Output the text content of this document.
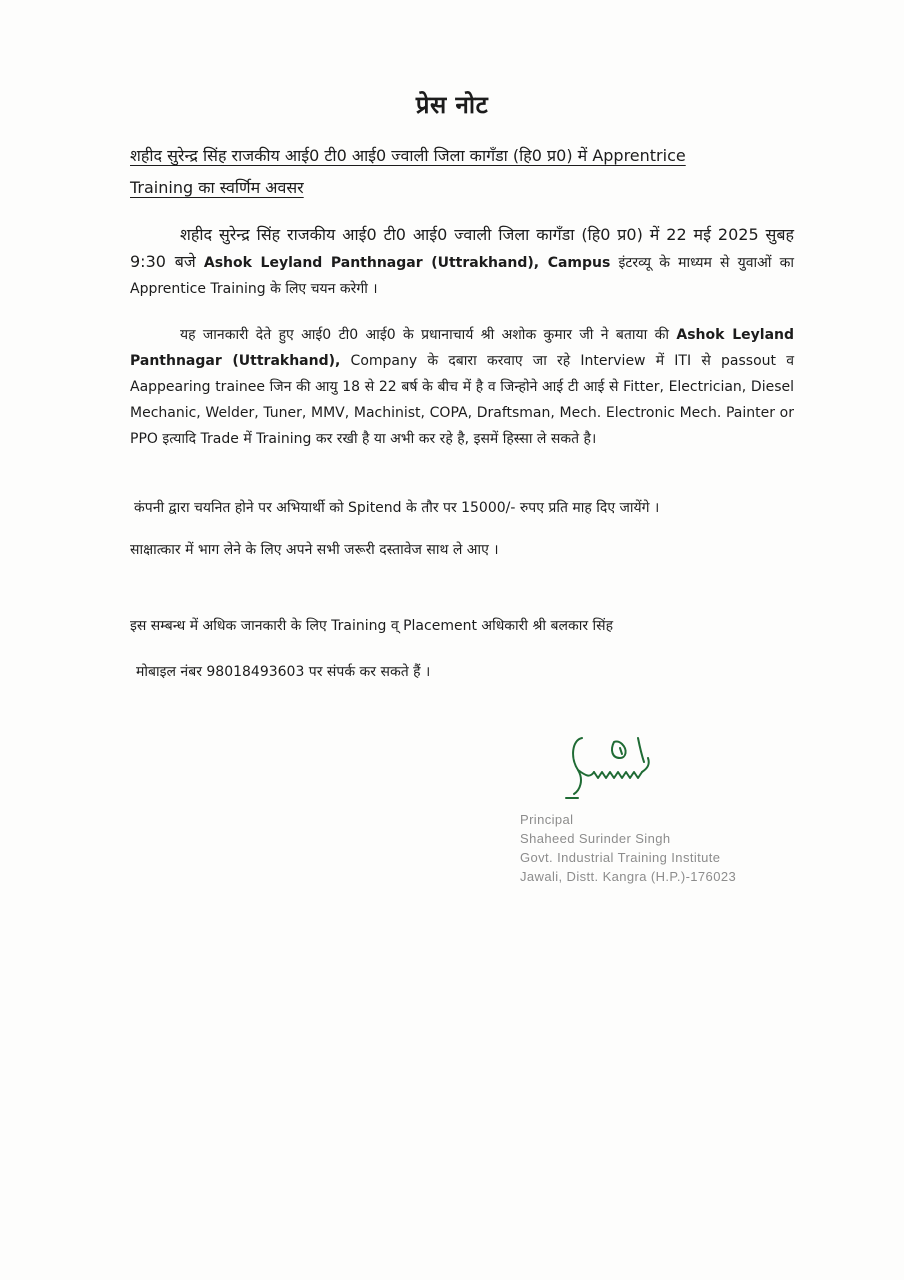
प्रेस नोट
शहीद सुरेन्द्र सिंह राजकीय आई0 टी0 आई0 ज्वाली जिला कागँडा (हि0 प्र0) में Apprentrice
Training का स्वर्णिम अवसर
शहीद सुरेन्द्र सिंह राजकीय आई0 टी0 आई0 ज्वाली जिला कागँडा (हि0 प्र0) में 22 मई 2025 सुबह 9:30 बजे Ashok Leyland Panthnagar (Uttrakhand), Campus इंटरव्यू के माध्यम से युवाओं का Apprentice Training के लिए चयन करेगी ।
यह जानकारी देते हुए आई0 टी0 आई0 के प्रधानाचार्य श्री अशोक कुमार जी ने बताया की Ashok Leyland Panthnagar (Uttrakhand), Company के दबारा करवाए जा रहे Interview में ITI से passout व Aappearing trainee जिन की आयु 18 से 22 बर्ष के बीच में है व जिन्होने आई टी आई से Fitter, Electrician, Diesel Mechanic, Welder, Tuner, MMV, Machinist, COPA, Draftsman, Mech. Electronic Mech. Painter or PPO इत्यादि Trade में Training कर रखी है या अभी कर रहे है, इसमें हिस्सा ले सकते है।
कंपनी द्वारा चयनित होने पर अभियार्थी को Spitend के तौर पर 15000/- रुपए प्रति माह दिए जायेंगे ।
साक्षात्कार में भाग लेने के लिए अपने सभी जरूरी दस्तावेज साथ ले आए ।
इस सम्बन्ध में अधिक जानकारी के लिए Training व् Placement अधिकारी श्री बलकार सिंह
मोबाइल नंबर 98018493603 पर संपर्क कर सकते हैं ।
Principal
Shaheed Surinder Singh
Govt. Industrial Training Institute
Jawali, Distt. Kangra (H.P.)-176023
